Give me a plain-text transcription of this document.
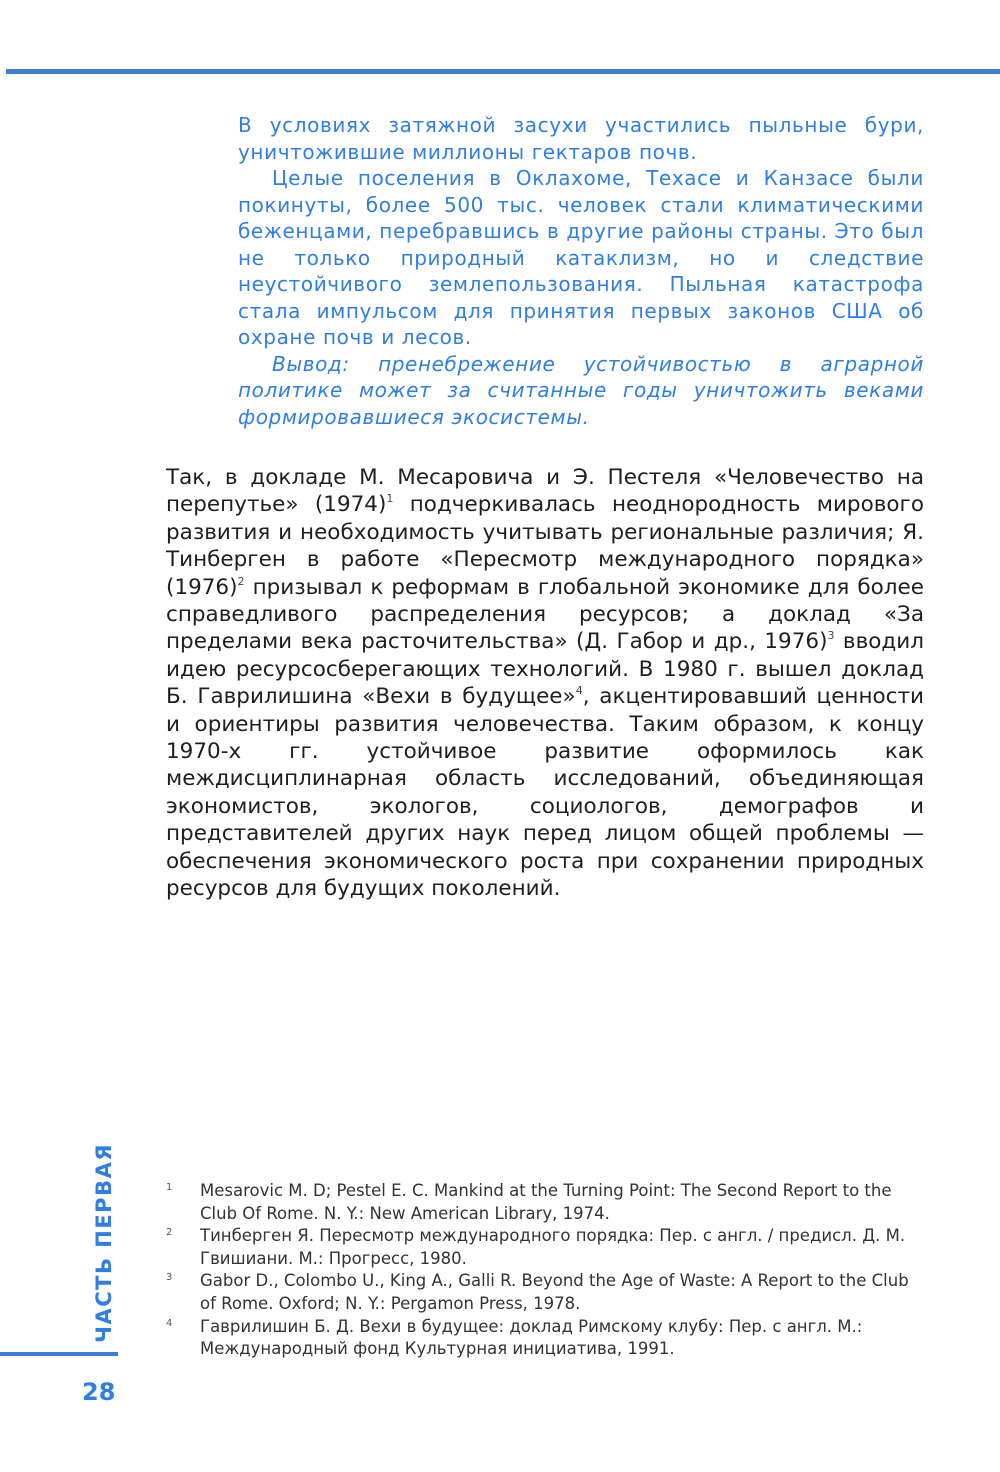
В условиях затяжной засухи участились пыльные бури, уничтожившие миллионы гектаров почв.

Целые поселения в Оклахоме, Техасе и Канзасе были покинуты, более 500 тыс. человек стали климатическими беженцами, перебравшись в другие районы страны. Это был не только природный катаклизм, но и следствие неустойчивого землепользования. Пыльная катастрофа стала импульсом для принятия первых законов США об охране почв и лесов.

Вывод: пренебрежение устойчивостью в аграрной политике может за считанные годы уничтожить веками формировавшиеся экосистемы.

Так, в докладе М. Месаровича и Э. Пестеля «Человечество на перепутье» $(1974)^1$ подчеркивалась неоднородность мирового развития и необходимость учитывать региональные различия; Я. Тинберген в работе «Пересмотр международного порядка» $(1976)^2$ призывал к реформам в глобальной экономике для более справедливого распределения ресурсов; а доклад «За пределами века расточительства» (Д. Габор и др., 1976)$^3$ вводил идею ресурсосберегающих технологий. В 1980 г. вышел доклад Б. Гаврилишина «Вехи в будущее»$^4$, акцентировавший ценности и ориентиры развития человечества. Таким образом, к концу 1970-х гг. устойчивое развитие оформилось как междисциплинарная область исследований, объединяющая экономистов, экологов, социологов, демографов и представителей других наук перед лицом общей проблемы — обеспечения экономического роста при сохранении природных ресурсов для будущих поколений.

ЧАСТЬ ПЕРВАЯ
28
1	Mesarovic M. D; Pestel E. C. Mankind at the Turning Point: The Second Report to the Club Of Rome. N. Y.: New American Library, 1974.
2	Тинберген Я. Пересмотр международного порядка: Пер. с англ. / предисл. Д. М. Гвишиани. М.: Прогресс, 1980.
3	Gabor D., Colombo U., King A., Galli R. Beyond the Age of Waste: A Report to the Club of Rome. Oxford; N. Y.: Pergamon Press, 1978.
4	Гаврилишин Б. Д. Вехи в будущее: доклад Римскому клубу: Пер. с англ. М.: Международный фонд Культурная инициатива, 1991.
